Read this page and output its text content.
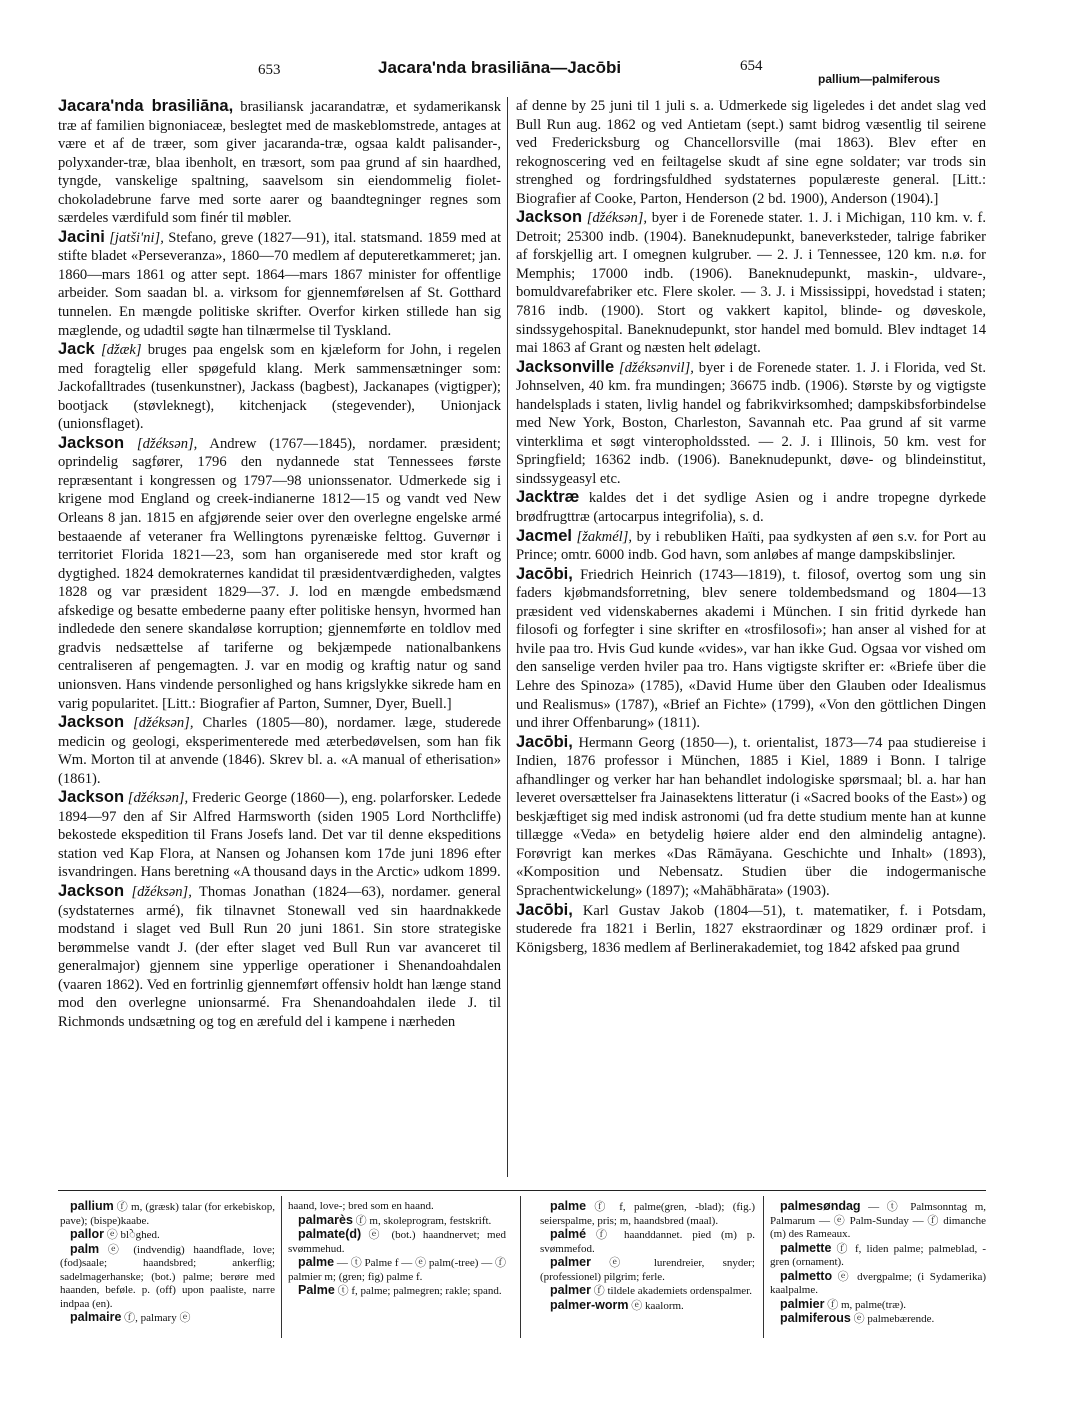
653	Jacara'nda brasiliāna—Jacōbi	654
pallium—palmiferous

Jacara'nda brasiliāna, brasiliansk jacarandatræ, et sydamerikansk træ af familien bignoniaceæ, beslegtet med de maskeblomstrede, antages at være et af de træer, som giver jacaranda-træ, ogsaa kaldt palisander-, polyxander-træ, blaa ibenholt, en træsort, som paa grund af sin haardhed, tyngde, vanskelige spaltning, saavelsom sin eiendommelig fiolet-chokoladebrune farve med sorte aarer og baandtegninger regnes som særdeles værdifuld som finér til møbler.

Jacini [jatši'ni], Stefano, greve (1827—91), ital. statsmand. 1859 med at stifte bladet «Perseveranza», 1860—70 medlem af deputeretkammeret; jan. 1860—mars 1861 og atter sept. 1864—mars 1867 minister for offentlige arbeider. Som saadan bl. a. virksom for gjennemførelsen af St. Gotthard tunnelen. En mængde politiske skrifter. Overfor kirken stillede han sig mæglende, og udadtil søgte han tilnærmelse til Tyskland.

Jack [džæk] bruges paa engelsk som en kjæleform for John, i regelen med foragtelig eller spøgefuld klang. Merk sammensætninger som: Jackofalltrades (tusenkunstner), Jackass (bagbest), Jackanapes (vigtigper); bootjack (støvleknegt), kitchenjack (stegevender), Unionjack (unionsflaget).

Jackson [džéksən], Andrew (1767—1845), nordamer. præsident; oprindelig sagfører, 1796 den nydannede stat Tennessees første repræsentant i kongressen og 1797—98 unionssenator. Udmerkede sig i krigene mod England og creek-indianerne 1812—15 og vandt ved New Orleans 8 jan. 1815 en afgjørende seier over den overlegne engelske armé bestaaende af veteraner fra Wellingtons pyrenæiske felttog. Guvernør i territoriet Florida 1821—23, som han organiserede med stor kraft og dygtighed. 1824 demokraternes kandidat til præsidentværdigheden, valgtes 1828 og var præsident 1829—37. J. lod en mængde embedsmænd afskedige og besatte embederne paany efter politiske hensyn, hvormed han indledede den senere skandaløse korruption; gjennemførte en toldlov med gradvis nedsættelse af tariferne og bekjæmpede nationalbankens centraliseren af pengemagten. J. var en modig og kraftig natur og sand unionsven. Hans vindende personlighed og hans krigslykke sikrede ham en varig popularitet. [Litt.: Biografier af Parton, Sumner, Dyer, Buell.]

Jackson [džéksən], Charles (1805—80), nordamer. læge, studerede medicin og geologi, eksperimenterede med æterbedøvelsen, som han fik Wm. Morton til at anvende (1846). Skrev bl. a. «A manual of etherisation» (1861).

Jackson [džéksən], Frederic George (1860—), eng. polarforsker. Ledede 1894—97 den af Sir Alfred Harmsworth (siden 1905 Lord Northcliffe) bekostede ekspedition til Frans Josefs land. Det var til denne ekspeditions station ved Kap Flora, at Nansen og Johansen kom 17de juni 1896 efter isvandringen. Hans beretning «A thousand days in the Arctic» udkom 1899.

Jackson [džéksən], Thomas Jonathan (1824—63), nordamer. general (sydstaternes armé), fik tilnavnet Stonewall ved sin haardnakkede modstand i slaget ved Bull Run 20 juni 1861. Sin store strategiske berømmelse vandt J. (der efter slaget ved Bull Run var avanceret til generalmajor) gjennem sine ypperlige operationer i Shenandoahdalen (vaaren 1862). Ved en fortrinlig gjennemført offensiv holdt han længe stand mod den overlegne unionsarmé. Fra Shenandoahdalen ilede J. til Richmonds undsætning og tog en ærefuld del i kampene i nærheden

af denne by 25 juni til 1 juli s. a. Udmerkede sig ligeledes i det andet slag ved Bull Run aug. 1862 og ved Antietam (sept.) samt bidrog væsentlig til seirene ved Fredericksburg og Chancellorsville (mai 1863). Blev efter en rekognoscering ved en feiltagelse skudt af sine egne soldater; var trods sin strenghed og fordringsfuldhed sydstaternes populæreste general. [Litt.: Biografier af Cooke, Parton, Henderson (2 bd. 1900), Anderson (1904).]

Jackson [džéksən], byer i de Forenede stater. 1. J. i Michigan, 110 km. v. f. Detroit; 25300 indb. (1904). Baneknudepunkt, baneverksteder, talrige fabriker af forskjellig art. I omegnen kulgruber. — 2. J. i Tennessee, 120 km. n.ø. for Memphis; 17000 indb. (1906). Baneknudepunkt, maskin-, uldvare-, bomuldvarefabriker etc. Flere skoler. — 3. J. i Mississippi, hovedstad i staten; 7816 indb. (1900). Stort og vakkert kapitol, blinde- og døveskole, sindssygehospital. Baneknudepunkt, stor handel med bomuld. Blev indtaget 14 mai 1863 af Grant og næsten helt ødelagt.

Jacksonville [džéksənvil], byer i de Forenede stater. 1. J. i Florida, ved St. Johnselven, 40 km. fra mundingen; 36675 indb. (1906). Største by og vigtigste handelsplads i staten, livlig handel og fabrikvirksomhed; dampskibsforbindelse med New York, Boston, Charleston, Savannah etc. Paa grund af sit varme vinterklima et søgt vinteropholdssted. — 2. J. i Illinois, 50 km. vest for Springfield; 16362 indb. (1906). Baneknudepunkt, døve- og blindeinstitut, sindssygeasyl etc.

Jacktræ kaldes det i det sydlige Asien og i andre tropegne dyrkede brødfrugttræ (artocarpus integrifolia), s. d.

Jacmel [žakmél], by i rebubliken Haïti, paa sydkysten af øen s.v. for Port au Prince; omtr. 6000 indb. God havn, som anløbes af mange dampskibslinjer.

Jacōbi, Friedrich Heinrich (1743—1819), t. filosof, overtog som ung sin faders kjøbmandsforretning, blev senere toldembedsmand og 1804—13 præsident ved videnskabernes akademi i München. I sin fritid dyrkede han filosofi og forfegter i sine skrifter en «trosfilosofi»; han anser al vished for at hvile paa tro. Hvis Gud kunde «vides», var han ikke Gud. Ogsaa vor vished om den sanselige verden hviler paa tro. Hans vigtigste skrifter er: «Briefe über die Lehre des Spinoza» (1785), «David Hume über den Glauben oder Idealismus und Realismus» (1787), «Brief an Fichte» (1799), «Von den göttlichen Dingen und ihrer Offenbarung» (1811).

Jacōbi, Hermann Georg (1850—), t. orientalist, 1873—74 paa studiereise i Indien, 1876 professor i München, 1885 i Kiel, 1889 i Bonn. I talrige afhandlinger og verker har han behandlet indologiske spørsmaal; bl. a. har han leveret oversættelser fra Jainasektens litteratur (i «Sacred books of the East») og beskjæftiget sig med indisk astronomi (ud fra dette studium mente han at kunne tillægge «Veda» en betydelig høiere alder end den almindelig antagne). Forøvrigt kan merkes «Das Rāmāyana. Geschichte und Inhalt» (1893), «Komposition und Nebensatz. Studien über die indogermanische Sprachentwickelung» (1897); «Mahābhārata» (1903).

Jacōbi, Karl Gustav Jakob (1804—51), t. matematiker, f. i Potsdam, studerede fra 1821 i Berlin, 1827 ekstraordinær og 1829 ordinær prof. i Königsberg, 1836 medlem af Berlinerakademiet, tog 1842 afsked paa grund

pallium ⓕ m, (græsk) talar (for erkebiskop, pave); (bispe)kaabe.

pallor ⓔ blेghed.

palm ⓔ (indvendig) haandflade, love; (fod)saale; haandsbred; ankerflig; sadelmagerhanske; (bot.) palme; berøre med haanden, beføle. p. (off) upon paaliste, narre indpaa (en).

palmaire ⓕ, palmary ⓔ

haand, love-; bred som en haand.

palmarès ⓕ m, skoleprogram, festskrift.

palmate(d) ⓔ (bot.) haandnervet; med svømmehud.

palme — ⓣ Palme f — ⓔ palm(-tree) — ⓕ palmier m; (gren; fig) palme f.

Palme ⓣ f, palme; palmegren; rakle; spand.

palme ⓕ f, palme(gren, -blad); (fig.) seierspalme, pris; m, haandsbred (maal).

palmé ⓕ haanddannet. pied (m) p. svømmefod.

palmer ⓔ lurendreier, snyder; (professionel) pilgrim; ferle.

palmer ⓕ tildele akademiets ordenspalmer.

palmer-worm ⓔ kaalorm.

palmesøndag — ⓣ Palmsonntag m, Palmarum — ⓔ Palm-Sunday — ⓕ dimanche (m) des Rameaux.

palmette ⓕ f, liden palme; palmeblad, -gren (ornament).

palmetto ⓔ dvergpalme; (i Sydamerika) kaalpalme.

palmier ⓕ m, palme(træ).

palmiferous ⓔ palmebærende.
